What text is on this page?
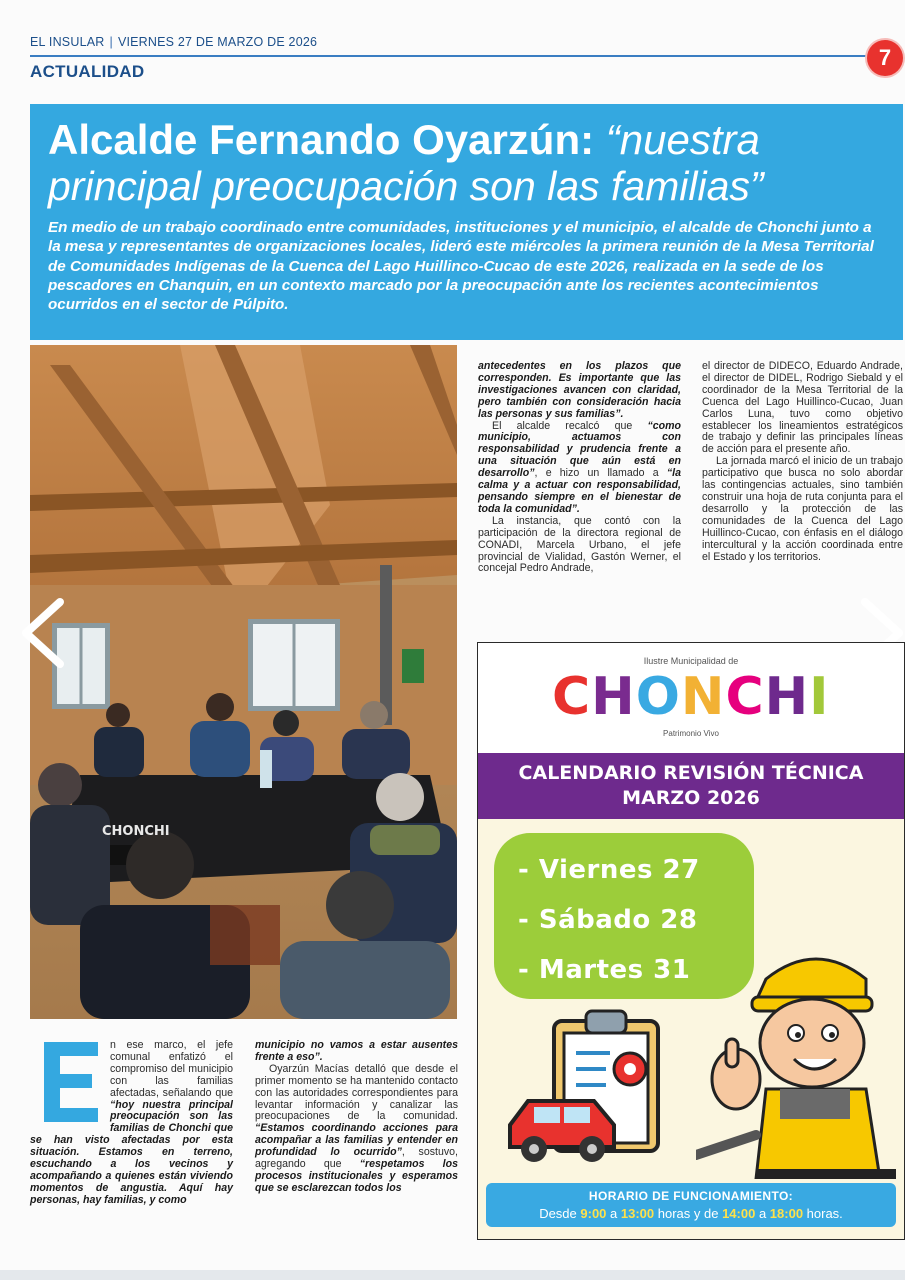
EL INSULAR | VIERNES 27 DE MARZO DE 2026
7
ACTUALIDAD
Alcalde Fernando Oyarzún: “nuestra
principal preocupación son las familias”
En medio de un trabajo coordinado entre comunidades, instituciones y el municipio, el alcalde de Chonchi junto a la mesa y representantes de organizaciones locales, lideró este miércoles la primera reunión de la Mesa Territorial de Comunidades Indígenas de la Cuenca del Lago Huillinco-Cucao de este 2026, realizada en la sede de los pescadores en Chanquin, en un contexto marcado por la preocupación ante los recientes acontecimientos ocurridos en el sector de Púlpito.
CHONCHI
antecedentes en los plazos que corresponden. Es importante que las investigaciones avancen con claridad, pero también con consideración hacia las personas y sus familias”.
El alcalde recalcó que “como municipio, actuamos con responsabilidad y prudencia frente a una situación que aún está en desarrollo”, e hizo un llamado a “la calma y a actuar con responsabilidad, pensando siempre en el bienestar de toda la comunidad”.
La instancia, que contó con la participación de la directora regional de CONADI, Marcela Urbano, el jefe provincial de Vialidad, Gastón Werner, el concejal Pedro Andrade,
el director de DIDECO, Eduardo Andrade, el director de DIDEL, Rodrigo Siebald y el coordinador de la Mesa Territorial de la Cuenca del Lago Huillinco-Cucao, Juan Carlos Luna, tuvo como objetivo establecer los lineamientos estratégicos de trabajo y definir las principales líneas de acción para el presente año.
La jornada marcó el inicio de un trabajo participativo que busca no solo abordar las contingencias actuales, sino también construir una hoja de ruta conjunta para el desarrollo y la protección de las comunidades de la Cuenca del Lago Huillinco-Cucao, con énfasis en el diálogo intercultural y la acción coordinada entre el Estado y los territorios.
n ese marco, el jefe comunal enfatizó el compromiso del municipio con las familias afectadas, señalando que “hoy nuestra principal preocupación son las familias de Chonchi que se han visto afectadas por esta situación. Estamos en terreno, escuchando a los vecinos y acompañando a quienes están viviendo momentos de angustia. Aquí hay personas, hay familias, y como
municipio no vamos a estar ausentes frente a eso”.
Oyarzún Macías detalló que desde el primer momento se ha mantenido contacto con las autoridades correspondientes para levantar información y canalizar las preocupaciones de la comunidad. “Estamos coordinando acciones para acompañar a las familias y entender en profundidad lo ocurrido”, sostuvo, agregando que “respetamos los procesos institucionales y esperamos que se esclarezcan todos los
Ilustre Municipalidad de
CHONCHI
Patrimonio Vivo
CALENDARIO REVISIÓN TÉCNICA
MARZO 2026
- Viernes 27
- Sábado 28
- Martes 31
HORARIO DE FUNCIONAMIENTO:
Desde 9:00 a 13:00 horas y de 14:00 a 18:00 horas.
